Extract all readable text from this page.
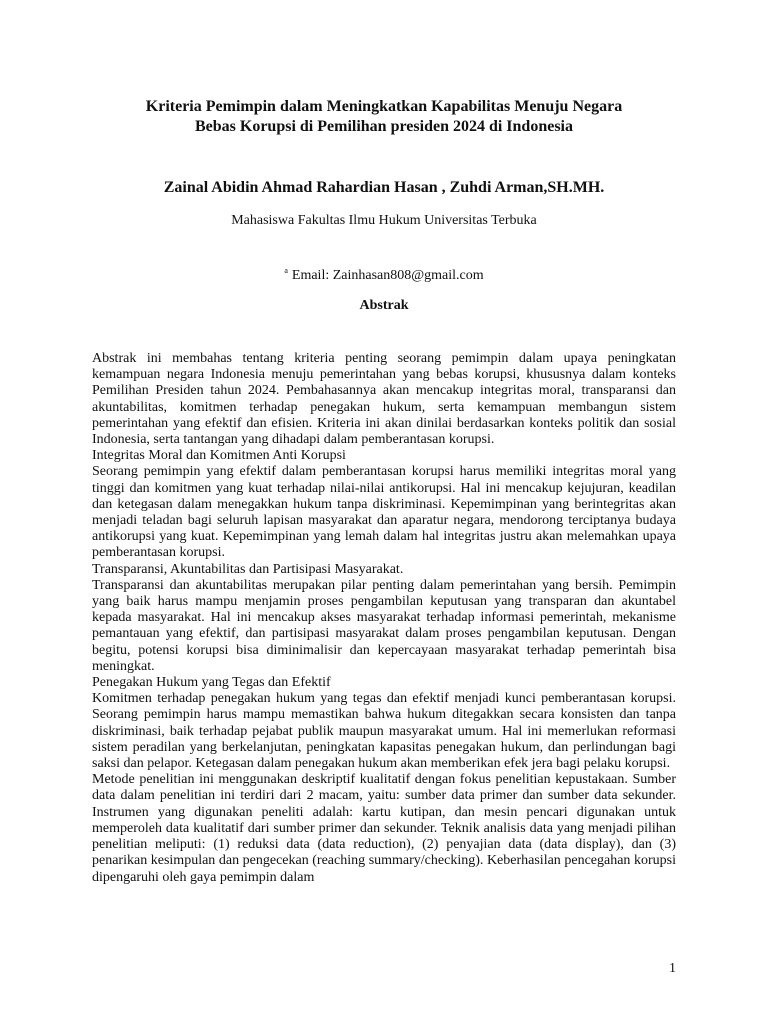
Kriteria Pemimpin dalam Meningkatkan Kapabilitas Menuju Negara
Bebas Korupsi di Pemilihan presiden 2024 di Indonesia
Zainal Abidin Ahmad Rahardian Hasan , Zuhdi Arman,SH.MH.
Mahasiswa Fakultas Ilmu Hukum Universitas Terbuka
$^a$ Email: Zainhasan808@gmail.com
Abstrak

Abstrak ini membahas tentang kriteria penting seorang pemimpin dalam upaya peningkatan kemampuan negara Indonesia menuju pemerintahan yang bebas korupsi, khususnya dalam konteks Pemilihan Presiden tahun 2024. Pembahasannya akan mencakup integritas moral, transparansi dan akuntabilitas, komitmen terhadap penegakan hukum, serta kemampuan membangun sistem pemerintahan yang efektif dan efisien. Kriteria ini akan dinilai berdasarkan konteks politik dan sosial Indonesia, serta tantangan yang dihadapi dalam pemberantasan korupsi.

Integritas Moral dan Komitmen Anti Korupsi

Seorang pemimpin yang efektif dalam pemberantasan korupsi harus memiliki integritas moral yang tinggi dan komitmen yang kuat terhadap nilai-nilai antikorupsi. Hal ini mencakup kejujuran, keadilan dan ketegasan dalam menegakkan hukum tanpa diskriminasi. Kepemimpinan yang berintegritas akan menjadi teladan bagi seluruh lapisan masyarakat dan aparatur negara, mendorong terciptanya budaya antikorupsi yang kuat. Kepemimpinan yang lemah dalam hal integritas justru akan melemahkan upaya pemberantasan korupsi.

Transparansi, Akuntabilitas dan Partisipasi Masyarakat.

Transparansi dan akuntabilitas merupakan pilar penting dalam pemerintahan yang bersih. Pemimpin yang baik harus mampu menjamin proses pengambilan keputusan yang transparan dan akuntabel kepada masyarakat. Hal ini mencakup akses masyarakat terhadap informasi pemerintah, mekanisme pemantauan yang efektif, dan partisipasi masyarakat dalam proses pengambilan keputusan. Dengan begitu, potensi korupsi bisa diminimalisir dan kepercayaan masyarakat terhadap pemerintah bisa meningkat.

Penegakan Hukum yang Tegas dan Efektif

Komitmen terhadap penegakan hukum yang tegas dan efektif menjadi kunci pemberantasan korupsi. Seorang pemimpin harus mampu memastikan bahwa hukum ditegakkan secara konsisten dan tanpa diskriminasi, baik terhadap pejabat publik maupun masyarakat umum. Hal ini memerlukan reformasi sistem peradilan yang berkelanjutan, peningkatan kapasitas penegakan hukum, dan perlindungan bagi saksi dan pelapor. Ketegasan dalam penegakan hukum akan memberikan efek jera bagi pelaku korupsi.

Metode penelitian ini menggunakan deskriptif kualitatif dengan fokus penelitian kepustakaan. Sumber data dalam penelitian ini terdiri dari 2 macam, yaitu: sumber data primer dan sumber data sekunder. Instrumen yang digunakan peneliti adalah: kartu kutipan, dan mesin pencari digunakan untuk memperoleh data kualitatif dari sumber primer dan sekunder. Teknik analisis data yang menjadi pilihan penelitian meliputi: (1) reduksi data (data reduction), (2) penyajian data (data display), dan (3) penarikan kesimpulan dan pengecekan (reaching summary/checking). Keberhasilan pencegahan korupsi dipengaruhi oleh gaya pemimpin dalam

1
